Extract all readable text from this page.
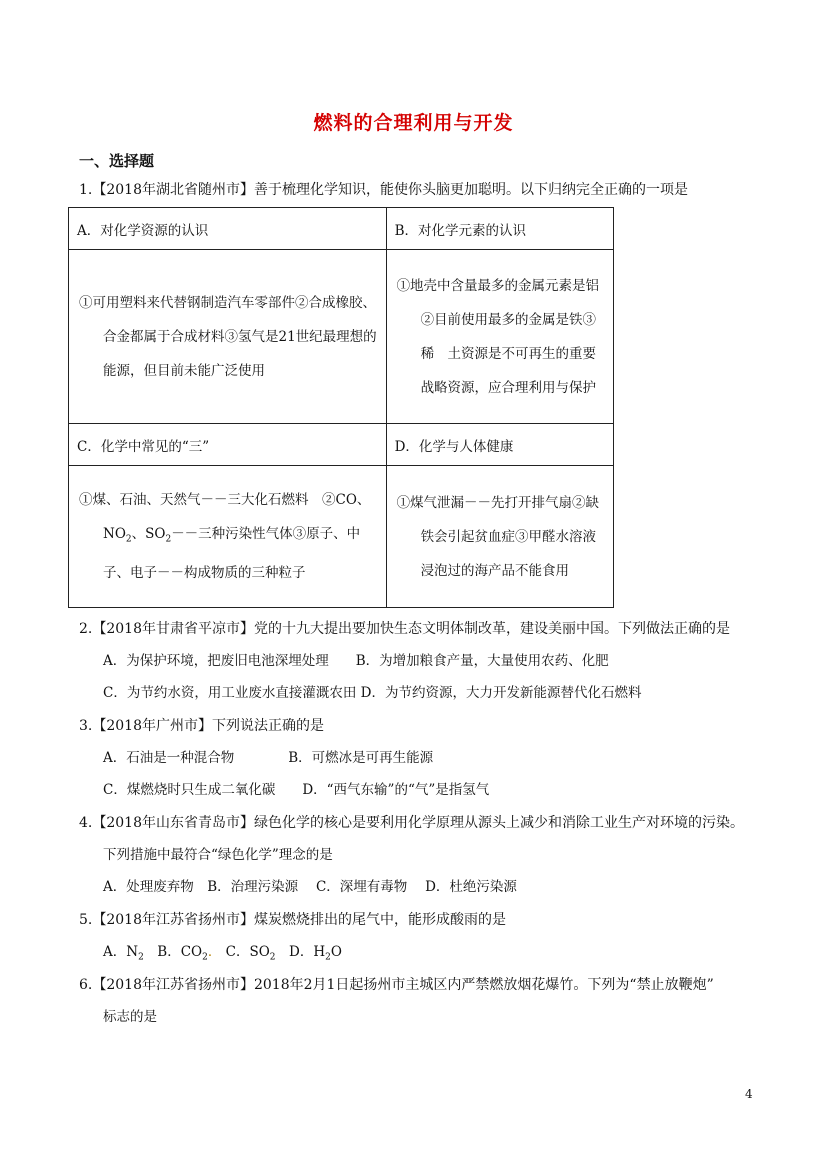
燃料的合理利用与开发
一、选择题
1.【2018年湖北省随州市】善于梳理化学知识，能使你头脑更加聪明。以下归纳完全正确的一项是
A．对化学资源的认识	B．对化学元素的认识

①可用塑料来代替钢制造汽车零部件②合成橡胶、合金都属于合成材料③氢气是21世纪最理想的能源，但目前未能广泛使用	①地壳中含量最多的金属元素是铝②目前使用最多的金属是铁③稀　土资源是不可再生的重要战略资源，应合理利用与保护

C．化学中常见的“三”	D．化学与人体健康

①煤、石油、天然气－－三大化石燃料　②CO、$NO_2$、$SO_2--$三种污染性气体③原子、中子、电子－－构成物质的三种粒子	①煤气泄漏－－先打开排气扇②缺铁会引起贫血症③甲醛水溶液浸泡过的海产品不能食用
2.【2018年甘肃省平凉市】党的十九大提出要加快生态文明体制改革，建设美丽中国。下列做法正确的是
A．为保护环境，把废旧电池深埋处理　　B．为增加粮食产量，大量使用农药、化肥
C．为节约水资，用工业废水直接灌溉农田 D．为节约资源，大力开发新能源替代化石燃料
3.【2018年广州市】下列说法正确的是
A．石油是一种混合物　　　　B．可燃冰是可再生能源
C．煤燃烧时只生成二氧化碳　　D．“西气东输”的“气”是指氢气
4.【2018年山东省青岛市】绿色化学的核心是要利用化学原理从源头上减少和消除工业生产对环境的污染。
下列措施中最符合“绿色化学”理念的是
A．处理废弃物　B．治理污染源　 C．深埋有毒物　 D．杜绝污染源
5.【2018年江苏省扬州市】煤炭燃烧排出的尾气中，能形成酸雨的是
A．$N_2$　B．$CO_2$． C．$SO_2$　D．$H_2O$
6.【2018年江苏省扬州市】2018年2月1日起扬州市主城区内严禁燃放烟花爆竹。下列为“禁止放鞭炮”
标志的是
4
